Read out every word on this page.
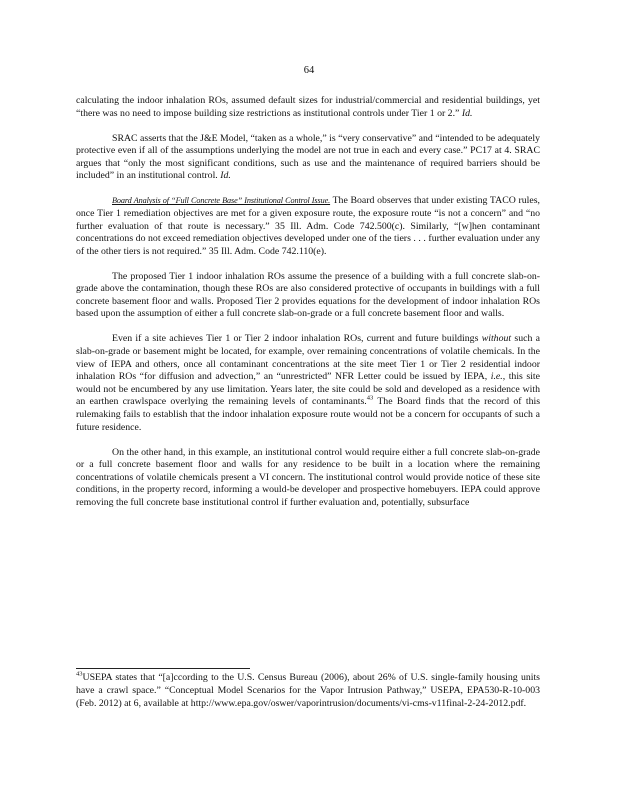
64

calculating the indoor inhalation ROs, assumed default sizes for industrial/commercial and residential buildings, yet “there was no need to impose building size restrictions as institutional controls under Tier 1 or 2.” Id.

SRAC asserts that the J&E Model, “taken as a whole,” is “very conservative” and “intended to be adequately protective even if all of the assumptions underlying the model are not true in each and every case.” PC17 at 4. SRAC argues that “only the most significant conditions, such as use and the maintenance of required barriers should be included” in an institutional control. Id.

Board Analysis of “Full Concrete Base” Institutional Control Issue. The Board observes that under existing TACO rules, once Tier 1 remediation objectives are met for a given exposure route, the exposure route “is not a concern” and “no further evaluation of that route is necessary.” 35 Ill. Adm. Code 742.500(c). Similarly, “[w]hen contaminant concentrations do not exceed remediation objectives developed under one of the tiers . . . further evaluation under any of the other tiers is not required.” 35 Ill. Adm. Code 742.110(e).

The proposed Tier 1 indoor inhalation ROs assume the presence of a building with a full concrete slab-on-grade above the contamination, though these ROs are also considered protective of occupants in buildings with a full concrete basement floor and walls. Proposed Tier 2 provides equations for the development of indoor inhalation ROs based upon the assumption of either a full concrete slab-on-grade or a full concrete basement floor and walls.

Even if a site achieves Tier 1 or Tier 2 indoor inhalation ROs, current and future buildings without such a slab-on-grade or basement might be located, for example, over remaining concentrations of volatile chemicals. In the view of IEPA and others, once all contaminant concentrations at the site meet Tier 1 or Tier 2 residential indoor inhalation ROs “for diffusion and advection,” an “unrestricted” NFR Letter could be issued by IEPA, i.e., this site would not be encumbered by any use limitation. Years later, the site could be sold and developed as a residence with an earthen crawlspace overlying the remaining levels of contaminants.$^{43}$ The Board finds that the record of this rulemaking fails to establish that the indoor inhalation exposure route would not be a concern for occupants of such a future residence.

On the other hand, in this example, an institutional control would require either a full concrete slab-on-grade or a full concrete basement floor and walls for any residence to be built in a location where the remaining concentrations of volatile chemicals present a VI concern. The institutional control would provide notice of these site conditions, in the property record, informing a would-be developer and prospective homebuyers. IEPA could approve removing the full concrete base institutional control if further evaluation and, potentially, subsurface

$^{43}$USEPA states that “[a]ccording to the U.S. Census Bureau (2006), about 26% of U.S. single-family housing units have a crawl space.” “Conceptual Model Scenarios for the Vapor Intrusion Pathway,” USEPA, EPA530-R-10-003 (Feb. 2012) at 6, available at http://www.epa.gov/oswer/vaporintrusion/documents/vi-cms-v11final-2-24-2012.pdf.
